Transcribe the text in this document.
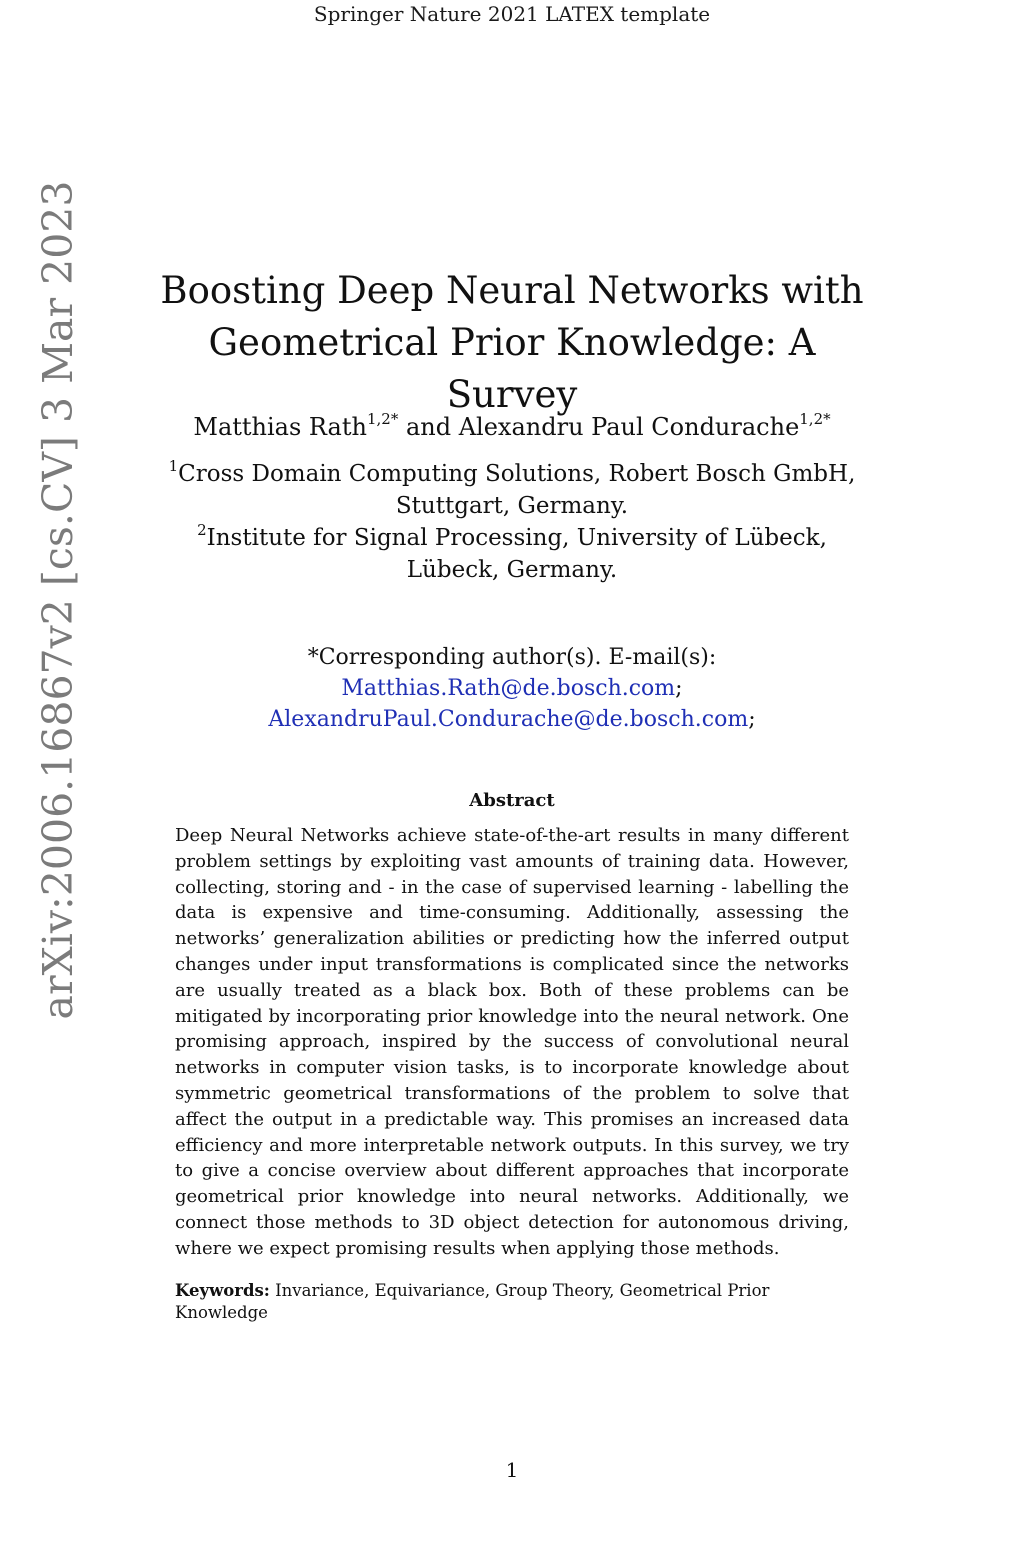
Springer Nature 2021 LATEX template
arXiv:2006.16867v2 [cs.CV] 3 Mar 2023 Boosting Deep Neural Networks with
Geometrical Prior Knowledge: A Survey
Matthias Rath$^{1,2*}$ and Alexandru Paul Condurache$^{1,2*}$
$^1$Cross Domain Computing Solutions, Robert Bosch GmbH, Stuttgart, Germany.
$^2$Institute for Signal Processing, University of Lübeck, Lübeck, Germany.
*Corresponding author(s). E-mail(s):
Matthias.Rath@de.bosch.com;
AlexandruPaul.Condurache@de.bosch.com;
Abstract
Deep Neural Networks achieve state-of-the-art results in many different problem settings by exploiting vast amounts of training data. However, collecting, storing and - in the case of supervised learning - labelling the data is expensive and time-consuming. Additionally, assessing the networks’ generalization abilities or predicting how the inferred output changes under input transformations is complicated since the networks are usually treated as a black box. Both of these problems can be mitigated by incorporating prior knowledge into the neural network. One promising approach, inspired by the success of convolutional neural networks in computer vision tasks, is to incorporate knowledge about symmetric geometrical transformations of the problem to solve that affect the output in a predictable way. This promises an increased data efficiency and more interpretable network outputs. In this survey, we try to give a concise overview about different approaches that incorporate geometrical prior knowledge into neural networks. Additionally, we connect those methods to 3D object detection for autonomous driving, where we expect promising results when applying those methods.
Keywords: Invariance, Equivariance, Group Theory, Geometrical Prior Knowledge
1
